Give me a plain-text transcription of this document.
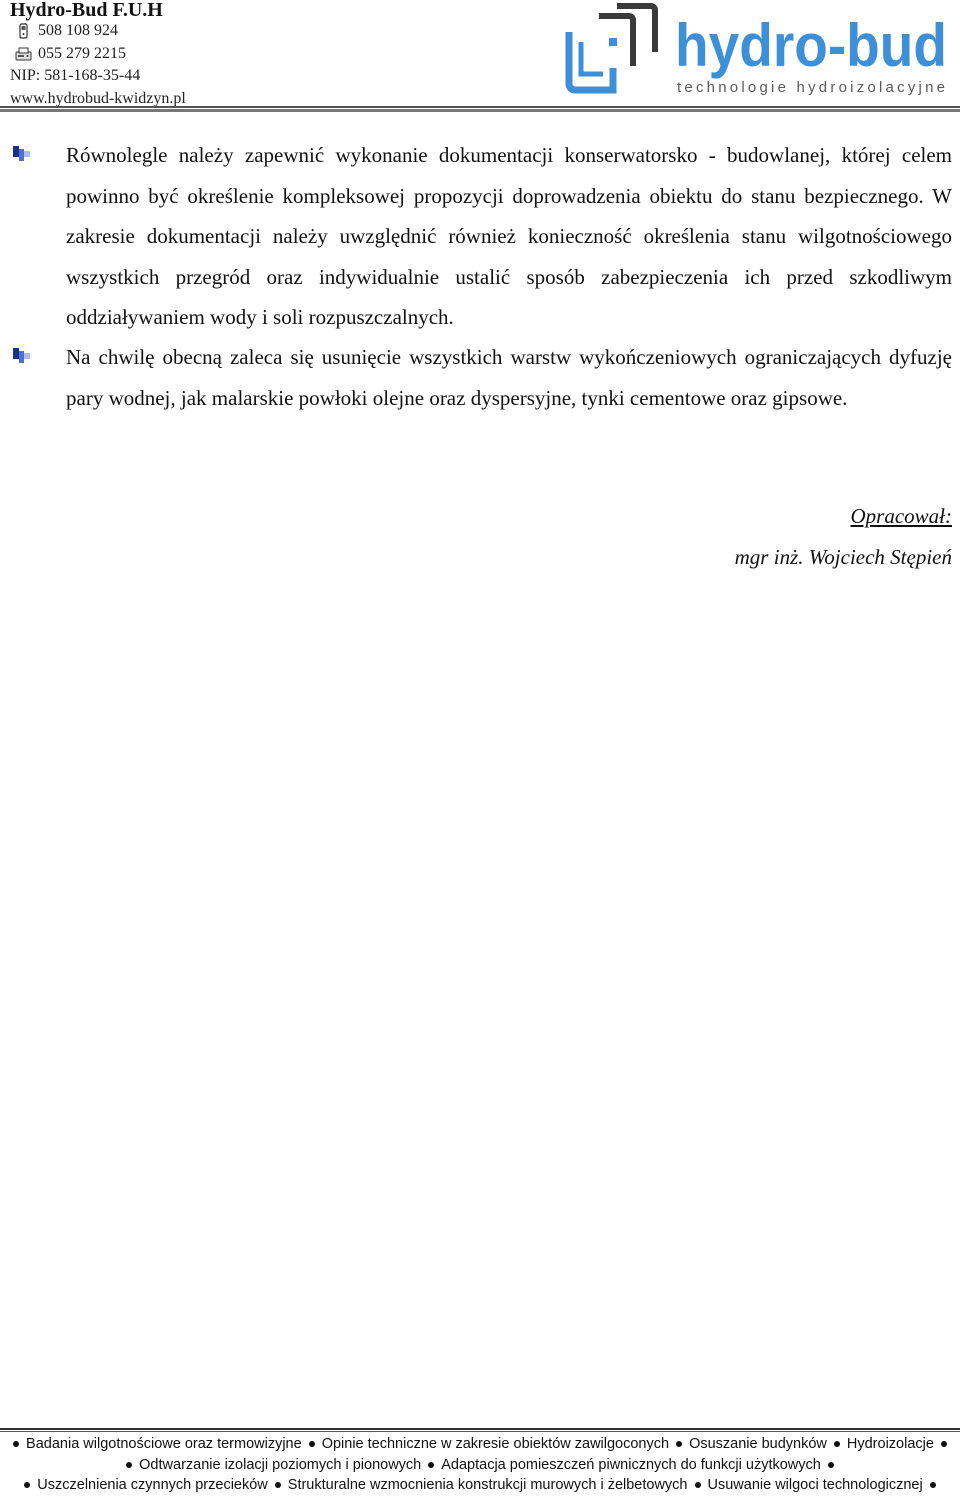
Hydro-Bud F.U.H
508 108 924
055 279 2215
NIP: 581-168-35-44
www.hydrobud-kwidzyn.pl
hydro-bud
technologie hydroizolacyjne
Równolegle należy zapewnić wykonanie dokumentacji konserwatorsko - budowlanej, której celem powinno być określenie kompleksowej propozycji doprowadzenia obiektu do stanu bezpiecznego. W zakresie dokumentacji należy uwzględnić również konieczność określenia stanu wilgotnościowego wszystkich przegród oraz indywidualnie ustalić sposób zabezpieczenia ich przed szkodliwym oddziaływaniem wody i soli rozpuszczalnych.
Na chwilę obecną zaleca się usunięcie wszystkich warstw wykończeniowych ograniczających dyfuzję pary wodnej, jak malarskie powłoki olejne oraz dyspersyjne, tynki cementowe oraz gipsowe.
Opracował:
mgr inż. Wojciech Stępień
Badania wilgotnościowe oraz termowizyjne Opinie techniczne w zakresie obiektów zawilgoconych Osuszanie budynków Hydroizolacje
Odtwarzanie izolacji poziomych i pionowych Adaptacja pomieszczeń piwnicznych do funkcji użytkowych
Uszczelnienia czynnych przecieków Strukturalne wzmocnienia konstrukcji murowych i żelbetowych Usuwanie wilgoci technologicznej
